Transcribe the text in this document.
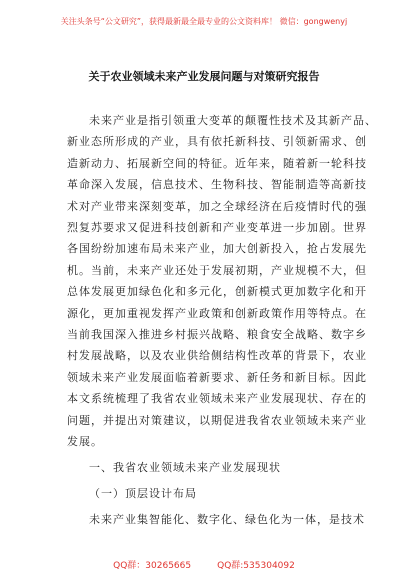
关注头条号“公文研究”，获得最新最全最专业的公文资料库！ 微信：gongwenyj
关于农业领域未来产业发展问题与对策研究报告
未来产业是指引领重大变革的颠覆性技术及其新产品、
新业态所形成的产业，具有依托新科技、引领新需求、创
造新动力、拓展新空间的特征。近年来，随着新一轮科技
革命深入发展，信息技术、生物科技、智能制造等高新技
术对产业带来深刻变革，加之全球经济在后疫情时代的强
烈复苏要求又促进科技创新和产业变革进一步加剧。世界
各国纷纷加速布局未来产业，加大创新投入，抢占发展先
机。当前，未来产业还处于发展初期，产业规模不大，但
总体发展更加绿色化和多元化，创新模式更加数字化和开
源化，更加重视发挥产业政策和创新政策作用等特点。在
当前我国深入推进乡村振兴战略、粮食安全战略、数字乡
村发展战略，以及农业供给侧结构性改革的背景下，农业
领域未来产业发展面临着新要求、新任务和新目标。因此
本文系统梳理了我省农业领域未来产业发展现状、存在的
问题，并提出对策建议，以期促进我省农业领域未来产业
发展。
一、我省农业领域未来产业发展现状
（一）顶层设计布局
未来产业集智能化、数字化、绿色化为一体，是技术
QQ群：30265665	QQ群:535304092
